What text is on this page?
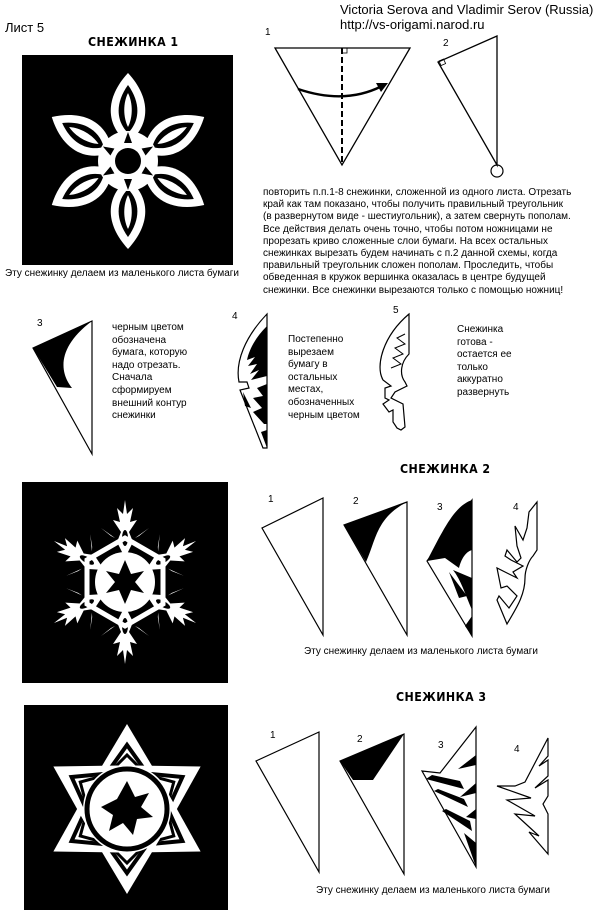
Лист 5
Victoria Serova and Vladimir Serov (Russia)
http://vs-origami.narod.ru
СНЕЖИНКА 1
Эту снежинку делаем из маленького листа бумаги
1
2
повторить п.п.1-8 снежинки, сложенной из одного листа. Отрезать
край как там показано, чтобы получить правильный треугольник
(в развернутом виде - шестиугольник), а затем свернуть пополам.
Все действия делать очень точно, чтобы потом ножницами не
прорезать криво сложенные слои бумаги. На всех остальных
снежинках вырезать будем начинать с п.2 данной схемы, когда
правильный треугольник сложен пополам. Проследить, чтобы
обведенная в кружок вершинка оказалась в центре будущей
снежинки. Все снежинки вырезаются только с помощью ножниц!
3	черным цветом
обозначена
бумага, которую
надо отрезать.
Сначала
сформируем
внешний контур
снежинки
4
Постепенно
вырезаем
бумагу в
остальных
местах,
обозначенных
черным цветом
5
Снежинка
готова -
остается ее
только
аккуратно
развернуть
СНЕЖИНКА 2
1	2
3	4
Эту снежинку делаем из маленького листа бумаги
СНЕЖИНКА 3
1	2
3	4
Эту снежинку делаем из маленького листа бумаги
